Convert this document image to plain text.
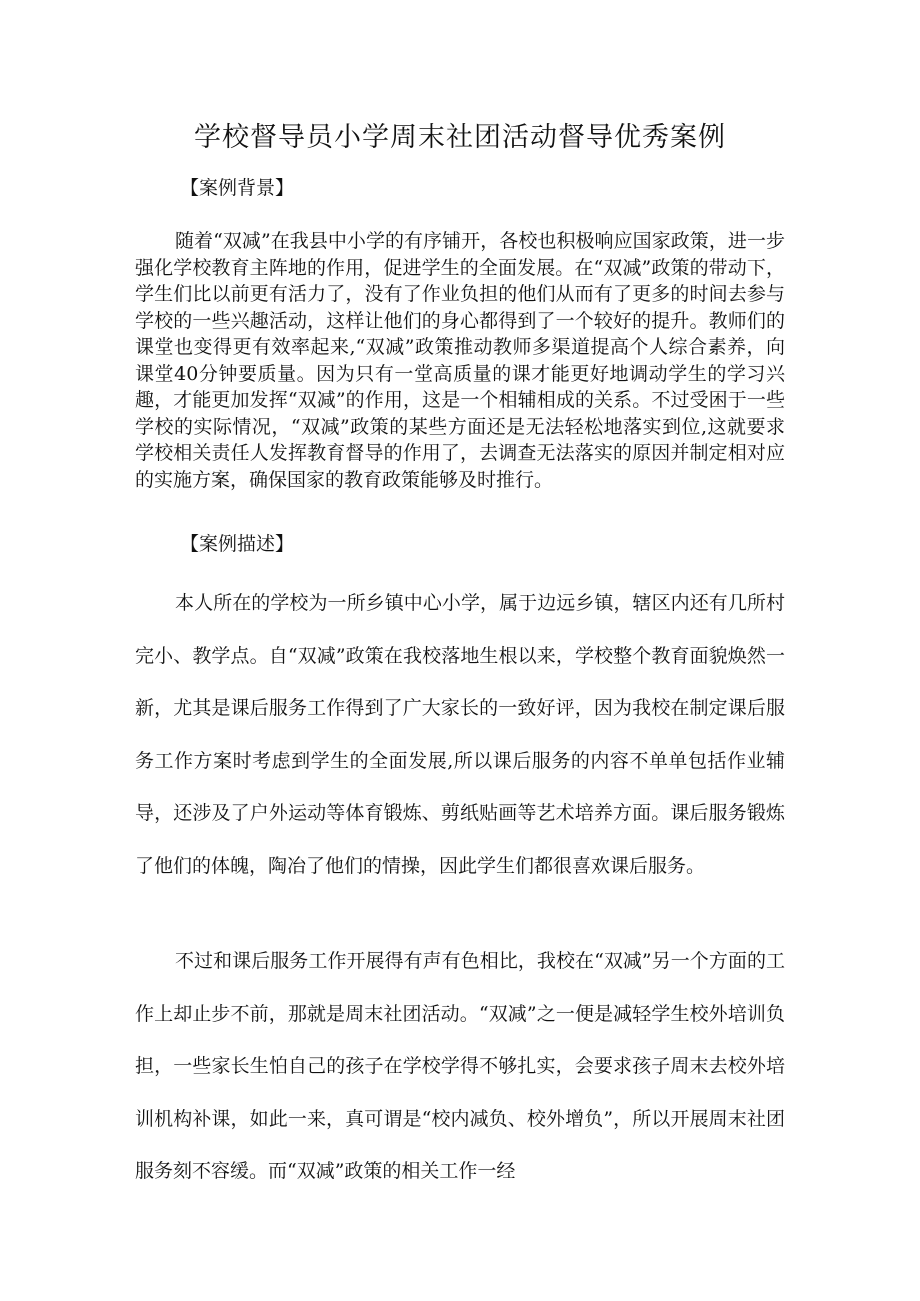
学校督导员小学周末社团活动督导优秀案例
【案例背景】

随着“双减”在我县中小学的有序铺开，各校也积极响应国家政策，进一步强化学校教育主阵地的作用，促进学生的全面发展。在“双减”政策的带动下，学生们比以前更有活力了，没有了作业负担的他们从而有了更多的时间去参与学校的一些兴趣活动，这样让他们的身心都得到了一个较好的提升。教师们的课堂也变得更有效率起来,“双减”政策推动教师多渠道提高个人综合素养，向课堂40分钟要质量。因为只有一堂高质量的课才能更好地调动学生的学习兴趣，才能更加发挥“双减”的作用，这是一个相辅相成的关系。不过受困于一些学校的实际情况，“双减”政策的某些方面还是无法轻松地落实到位,这就要求学校相关责任人发挥教育督导的作用了，去调查无法落实的原因并制定相对应的实施方案，确保国家的教育政策能够及时推行。

【案例描述】

本人所在的学校为一所乡镇中心小学，属于边远乡镇，辖区内还有几所村完小、教学点。自“双减”政策在我校落地生根以来，学校整个教育面貌焕然一新，尤其是课后服务工作得到了广大家长的一致好评，因为我校在制定课后服务工作方案时考虑到学生的全面发展,所以课后服务的内容不单单包括作业辅导，还涉及了户外运动等体育锻炼、剪纸贴画等艺术培养方面。课后服务锻炼了他们的体魄，陶冶了他们的情操，因此学生们都很喜欢课后服务。

不过和课后服务工作开展得有声有色相比，我校在“双减”另一个方面的工作上却止步不前，那就是周末社团活动。“双减”之一便是减轻学生校外培训负担，一些家长生怕自己的孩子在学校学得不够扎实，会要求孩子周末去校外培训机构补课，如此一来，真可谓是“校内减负、校外增负”，所以开展周末社团服务刻不容缓。而“双减”政策的相关工作一经
